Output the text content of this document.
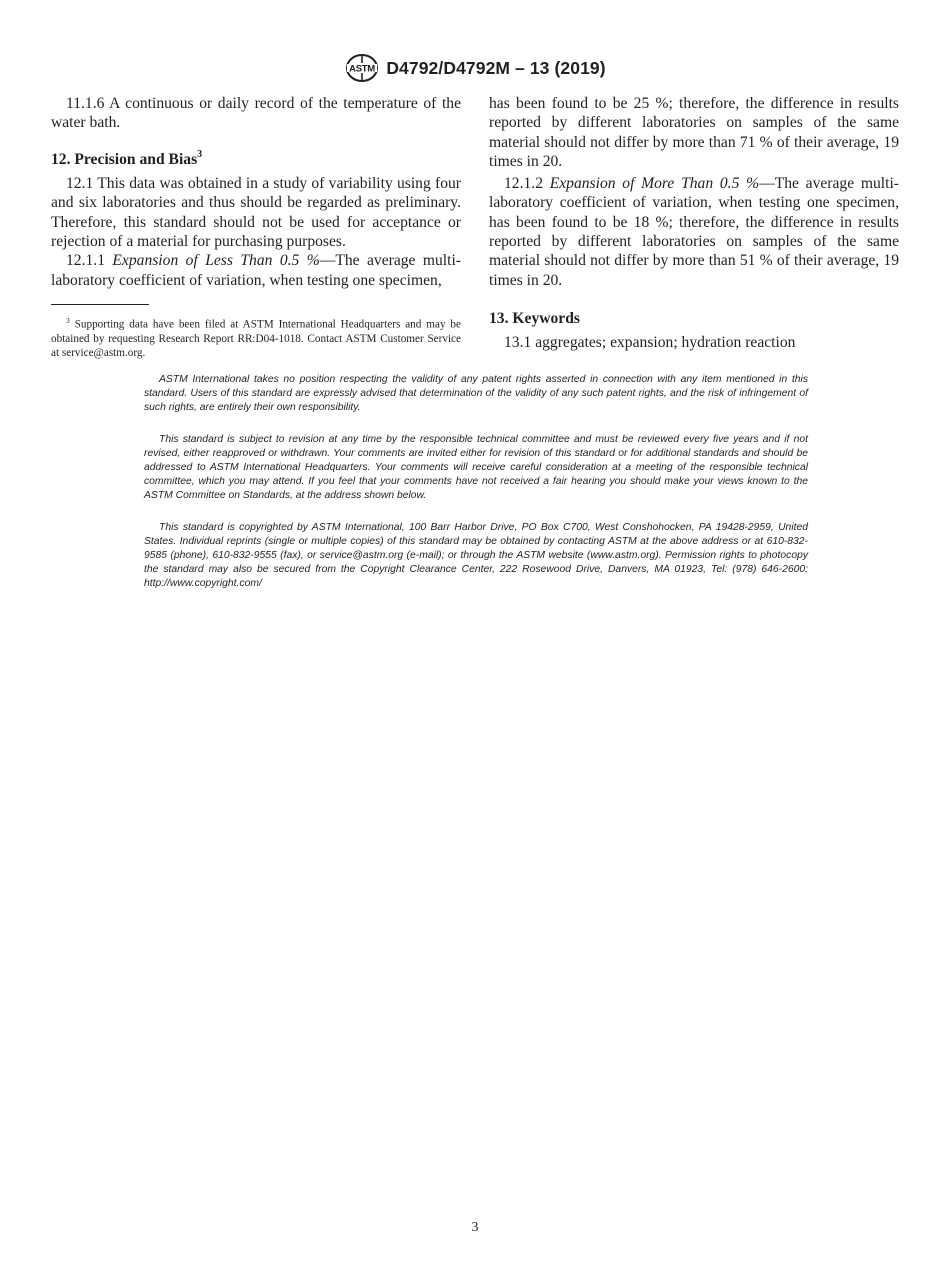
ASTM D4792/D4792M – 13 (2019)

11.1.6 A continuous or daily record of the temperature of the water bath.

12. Precision and Bias$^3$

12.1 This data was obtained in a study of variability using four and six laboratories and thus should be regarded as preliminary. Therefore, this standard should not be used for acceptance or rejection of a material for purchasing purposes.

12.1.1 Expansion of Less Than 0.5 %—The average multi-laboratory coefficient of variation, when testing one specimen,

$^3$ Supporting data have been filed at ASTM International Headquarters and may be obtained by requesting Research Report RR:D04-1018. Contact ASTM Customer Service at service@astm.org.

has been found to be 25 %; therefore, the difference in results reported by different laboratories on samples of the same material should not differ by more than 71 % of their average, 19 times in 20.

12.1.2 Expansion of More Than 0.5 %—The average multi-laboratory coefficient of variation, when testing one specimen, has been found to be 18 %; therefore, the difference in results reported by different laboratories on samples of the same material should not differ by more than 51 % of their average, 19 times in 20.

13. Keywords

13.1 aggregates; expansion; hydration reaction

ASTM International takes no position respecting the validity of any patent rights asserted in connection with any item mentioned in this standard. Users of this standard are expressly advised that determination of the validity of any such patent rights, and the risk of infringement of such rights, are entirely their own responsibility.

This standard is subject to revision at any time by the responsible technical committee and must be reviewed every five years and if not revised, either reapproved or withdrawn. Your comments are invited either for revision of this standard or for additional standards and should be addressed to ASTM International Headquarters. Your comments will receive careful consideration at a meeting of the responsible technical committee, which you may attend. If you feel that your comments have not received a fair hearing you should make your views known to the ASTM Committee on Standards, at the address shown below.

This standard is copyrighted by ASTM International, 100 Barr Harbor Drive, PO Box C700, West Conshohocken, PA 19428-2959, United States. Individual reprints (single or multiple copies) of this standard may be obtained by contacting ASTM at the above address or at 610-832-9585 (phone), 610-832-9555 (fax), or service@astm.org (e-mail); or through the ASTM website (www.astm.org). Permission rights to photocopy the standard may also be secured from the Copyright Clearance Center, 222 Rosewood Drive, Danvers, MA 01923, Tel: (978) 646-2600; http://www.copyright.com/

3
